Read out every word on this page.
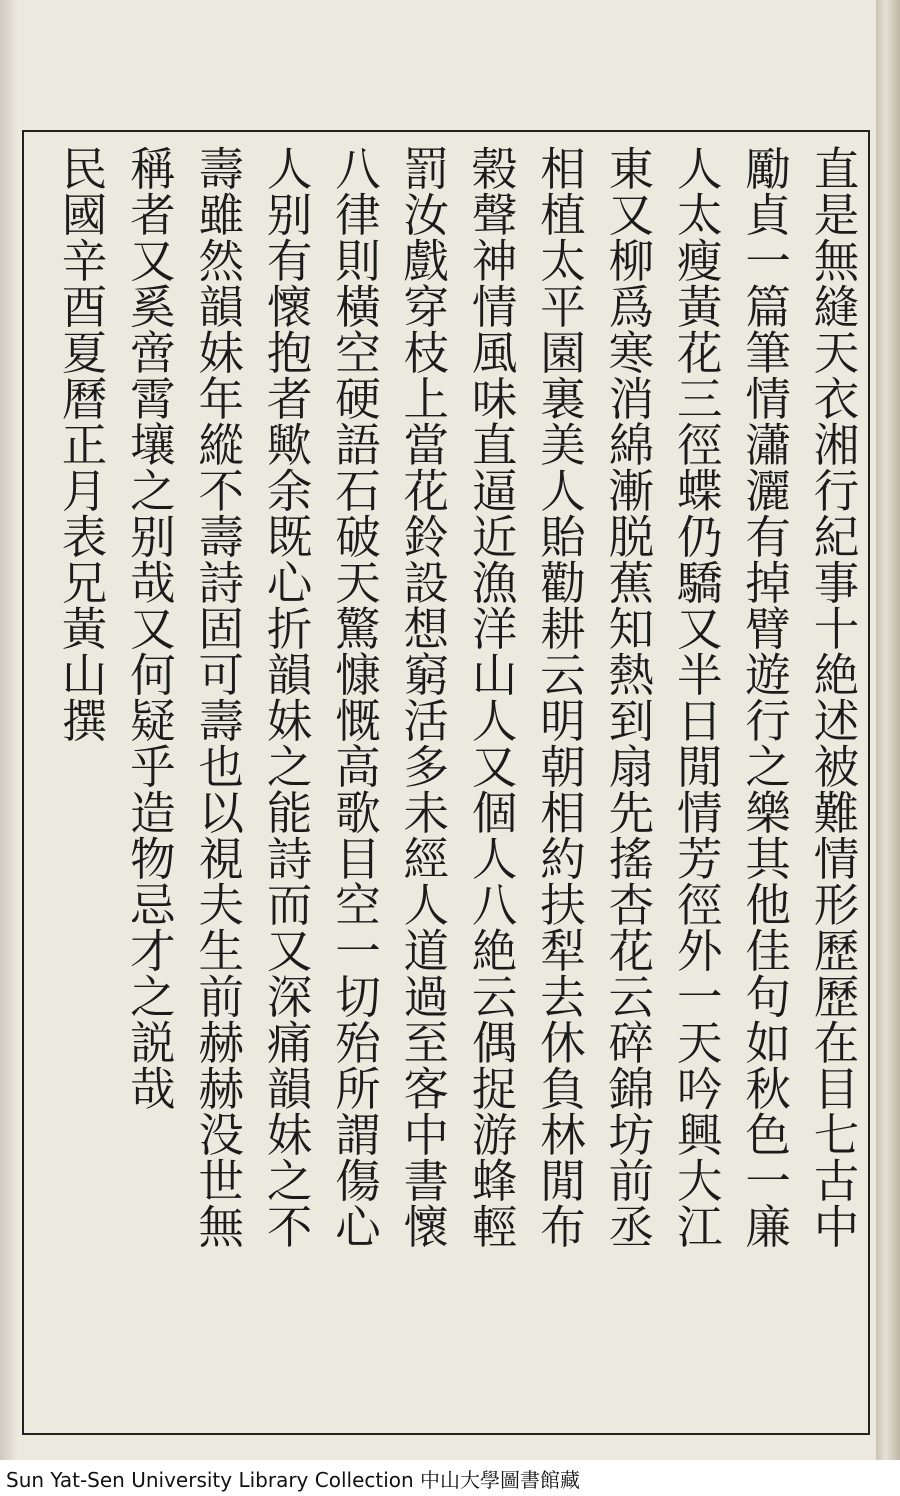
直是無縫天衣湘行紀事十絶述被難情形歷歷在目七古中
勵貞一篇筆情瀟灑有掉臂遊行之樂其他佳句如秋色一廉
人太瘦黃花三徑蝶仍驕又半日閒情芳徑外一天吟興大江
東又柳爲寒消綿漸脱蕉知熱到扇先搖杏花云碎錦坊前丞
相植太平園裏美人貽勸耕云明朝相約扶犁去休負林閒布
榖聲神情風味直逼近漁洋山人又個人八絶云偶捉游蜂輕
罰汝戲穿枝上當花鈴設想窮活多未經人道過至客中書懷
八律則橫空硬語石破天驚慷慨高歌目空一切殆所謂傷心
人别有懷抱者歟余既心折韻妹之能詩而又深痛韻妹之不
壽雖然韻妹年縱不壽詩固可壽也以視夫生前赫赫没世無
稱者又奚啻霄壤之别哉又何疑乎造物忌才之説哉
民國辛酉夏曆正月表兄黃山撰
Sun Yat-Sen University Library Collection 中山大學圖書館藏
